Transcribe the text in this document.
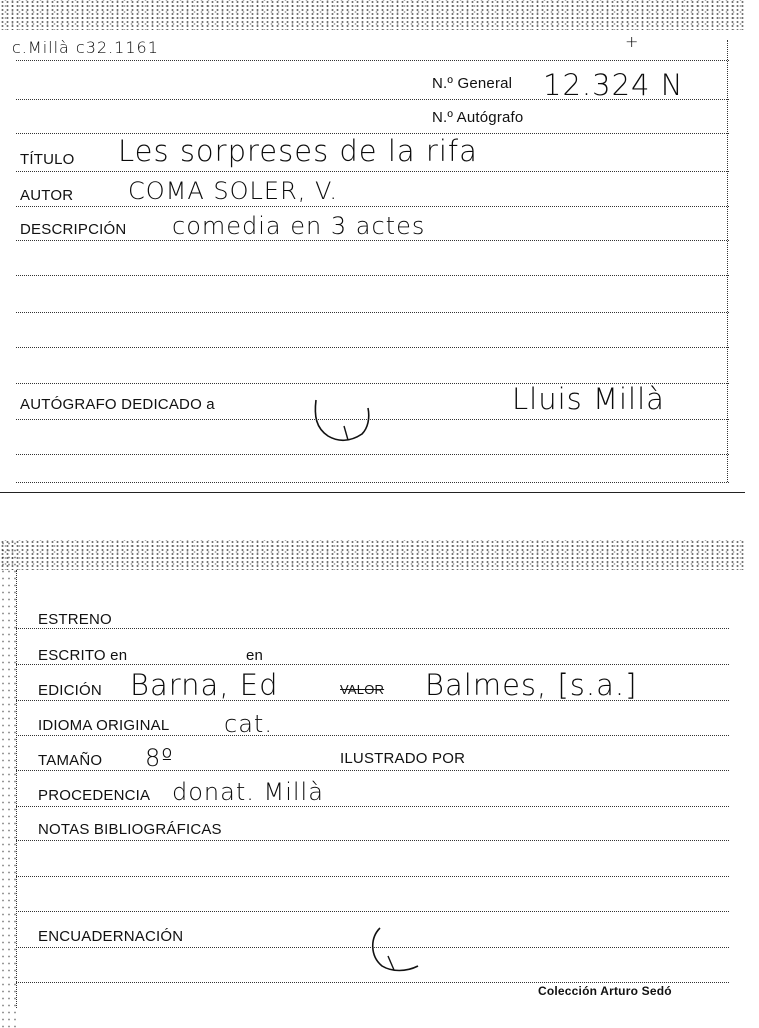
c.Millà c32.1161	+
N.º General 12.324 N
N.º Autógrafo
TÍTULO Les sorpreses de la rifa
AUTOR COMA SOLER, V.
DESCRIPCIÓN comedia en 3 actes
AUTÓGRAFO DEDICADO a	Lluis Millà
ESTRENO
ESCRITO en	en
EDICIÓN Barna, Ed	VALOR Balmes, [s.a.]
IDIOMA ORIGINAL cat.
TAMAÑO 8º	ILUSTRADO POR
PROCEDENCIA donat. Millà
NOTAS BIBLIOGRÁFICAS
ENCUADERNACIÓN
Colección Arturo Sedó
